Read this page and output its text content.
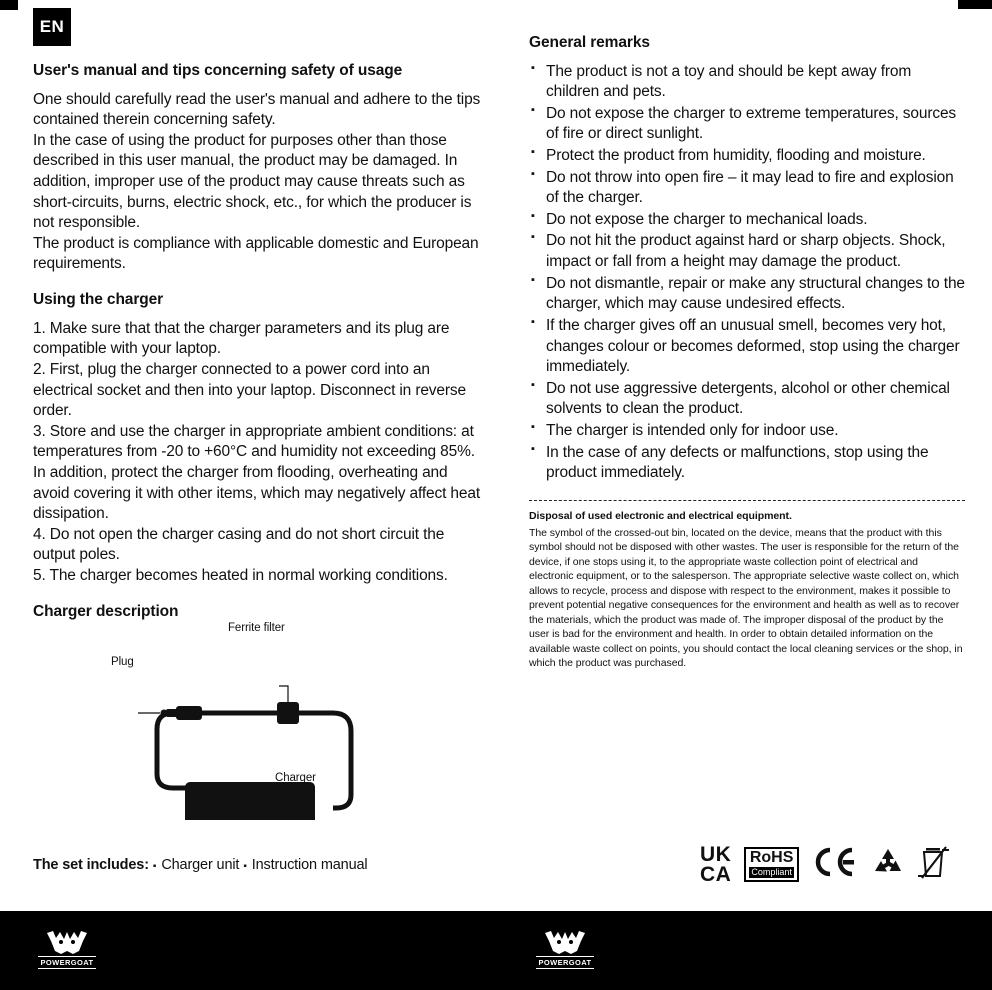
EN
User's manual and tips concerning safety of usage

One should carefully read the user's manual and adhere to the tips contained therein concerning safety.

In the case of using the product for purposes other than those described in this user manual, the product may be damaged. In addition, improper use of the product may cause threats such as short-circuits, burns, electric shock, etc., for which the producer is not responsible.

The product is compliance with applicable domestic and European requirements.

Using the charger

1. Make sure that that the charger parameters and its plug are compatible with your laptop.

2. First, plug the charger connected to a power cord into an electrical socket and then into your laptop. Disconnect in reverse order.

3. Store and use the charger in appropriate ambient conditions: at temperatures from -20 to +60°C and humidity not exceeding 85%. In addition, protect the charger from flooding, overheating and avoid covering it with other items, which may negatively affect heat dissipation.

4. Do not open the charger casing and do not short circuit the output poles.

5. The charger becomes heated in normal working conditions.

Charger description
Ferrite filter
Plug
Charger
The set includes: ▪ Charger unit ▪ Instruction manual
General remarks
▪ The product is not a toy and should be kept away from children and pets.
▪ Do not expose the charger to extreme temperatures, sources of fire or direct sunlight.
▪ Protect the product from humidity, flooding and moisture.
▪ Do not throw into open fire – it may lead to fire and explosion of the charger.
▪ Do not expose the charger to mechanical loads.
▪ Do not hit the product against hard or sharp objects. Shock, impact or fall from a height may damage the product.
▪ Do not dismantle, repair or make any structural changes to the charger, which may cause undesired effects.
▪ If the charger gives off an unusual smell, becomes very hot, changes colour or becomes deformed, stop using the charger immediately.
▪ Do not use aggressive detergents, alcohol or other chemical solvents to clean the product.
▪ The charger is intended only for indoor use.
▪ In the case of any defects or malfunctions, stop using the product immediately.

Disposal of used electronic and electrical equipment.

The symbol of the crossed-out bin, located on the device, means that the product with this symbol should not be disposed with other wastes. The user is responsible for the return of the device, if one stops using it, to the appropriate waste collection point of electrical and electronic equipment, or to the salesperson. The appropriate selective waste collect on, which allows to recycle, process and dispose with respect to the environment, makes it possible to prevent potential negative consequences for the environment and health as well as to recover the materials, which the product was made of. The improper disposal of the product by the user is bad for the environment and health. In order to obtain detailed information on the available waste collect on points, you should contact the local cleaning services or the shop, in which the product was purchased.

UK
CA
RoHS
Compliant
POWERGOAT	POWERGOAT
